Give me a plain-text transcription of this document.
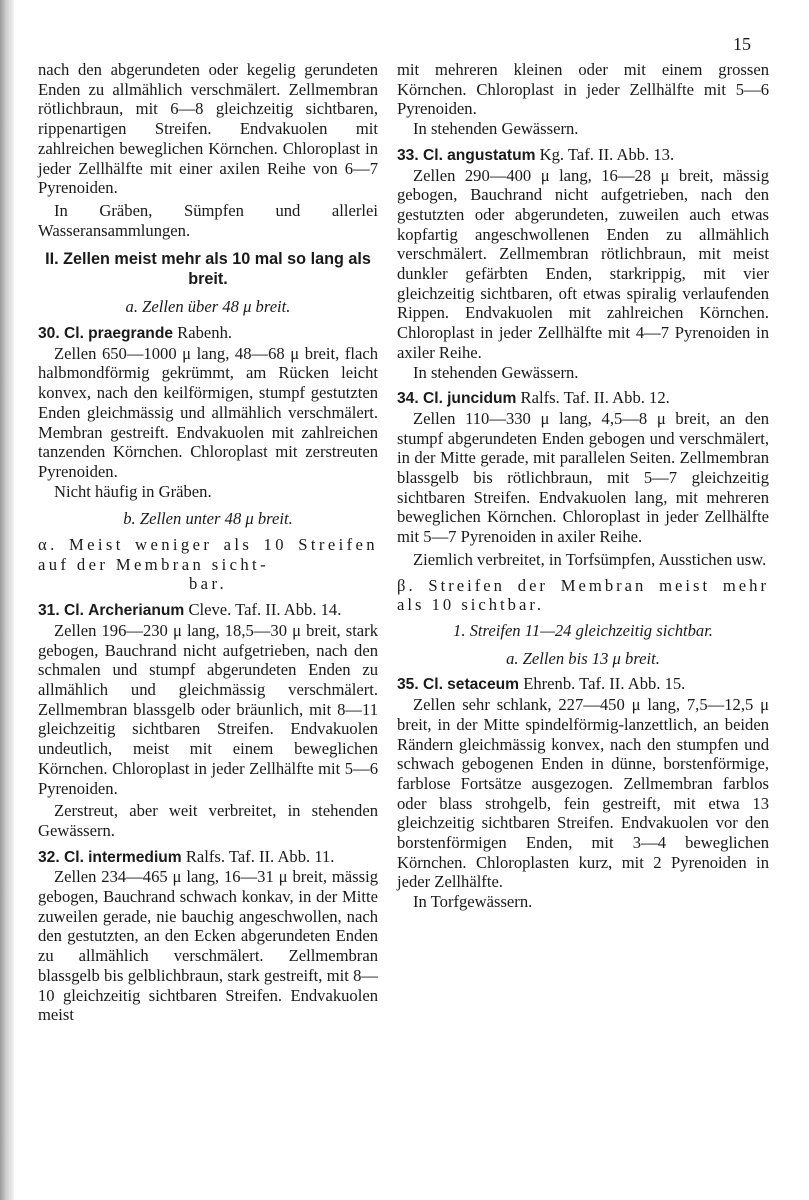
15

nach den abgerundeten oder kegelig gerundeten Enden zu allmählich verschmälert. Zellmembran rötlichbraun, mit 6—8 gleichzeitig sichtbaren, rippenartigen Streifen. Endvakuolen mit zahlreichen beweglichen Körnchen. Chloroplast in jeder Zellhälfte mit einer axilen Reihe von 6—7 Pyrenoiden.

In Gräben, Sümpfen und allerlei Wasseransammlungen.

II. Zellen meist mehr als 10 mal so lang als breit.

a. Zellen über 48 μ breit.

30. Cl. praegrande Rabenh.

Zellen 650—1000 μ lang, 48—68 μ breit, flach halbmondförmig gekrümmt, am Rücken leicht konvex, nach den keilförmigen, stumpf gestutzten Enden gleichmässig und allmählich verschmälert. Membran gestreift. Endvakuolen mit zahlreichen tanzenden Körnchen. Chloroplast mit zerstreuten Pyrenoiden.

Nicht häufig in Gräben.

b. Zellen unter 48 μ breit.

α. Meist weniger als 10 Streifen auf der Membran sicht-
bar.

31. Cl. Archerianum Cleve. Taf. II. Abb. 14.

Zellen 196—230 μ lang, 18,5—30 μ breit, stark gebogen, Bauchrand nicht aufgetrieben, nach den schmalen und stumpf abgerundeten Enden zu allmählich und gleichmässig verschmälert. Zellmembran blassgelb oder bräunlich, mit 8—11 gleichzeitig sichtbaren Streifen. Endvakuolen undeutlich, meist mit einem beweglichen Körnchen. Chloroplast in jeder Zellhälfte mit 5—6 Pyrenoiden.

Zerstreut, aber weit verbreitet, in stehenden Gewässern.

32. Cl. intermedium Ralfs. Taf. II. Abb. 11.

Zellen 234—465 μ lang, 16—31 μ breit, mässig gebogen, Bauchrand schwach konkav, in der Mitte zuweilen gerade, nie bauchig angeschwollen, nach den gestutzten, an den Ecken abgerundeten Enden zu allmählich verschmälert. Zellmembran blassgelb bis gelblichbraun, stark gestreift, mit 8—10 gleichzeitig sichtbaren Streifen. Endvakuolen meist

mit mehreren kleinen oder mit einem grossen Körnchen. Chloroplast in jeder Zellhälfte mit 5—6 Pyrenoiden.

In stehenden Gewässern.

33. Cl. angustatum Kg. Taf. II. Abb. 13.

Zellen 290—400 μ lang, 16—28 μ breit, mässig gebogen, Bauchrand nicht aufgetrieben, nach den gestutzten oder abgerundeten, zuweilen auch etwas kopfartig angeschwollenen Enden zu allmählich verschmälert. Zellmembran rötlichbraun, mit meist dunkler gefärbten Enden, starkrippig, mit vier gleichzeitig sichtbaren, oft etwas spiralig verlaufenden Rippen. Endvakuolen mit zahlreichen Körnchen. Chloroplast in jeder Zellhälfte mit 4—7 Pyrenoiden in axiler Reihe.

In stehenden Gewässern.

34. Cl. juncidum Ralfs. Taf. II. Abb. 12.

Zellen 110—330 μ lang, 4,5—8 μ breit, an den stumpf abgerundeten Enden gebogen und verschmälert, in der Mitte gerade, mit parallelen Seiten. Zellmembran blassgelb bis rötlichbraun, mit 5—7 gleichzeitig sichtbaren Streifen. Endvakuolen lang, mit mehreren beweglichen Körnchen. Chloroplast in jeder Zellhälfte mit 5—7 Pyrenoiden in axiler Reihe.

Ziemlich verbreitet, in Torfsümpfen, Ausstichen usw.

β. Streifen der Membran meist mehr als 10 sichtbar.

1. Streifen 11—24 gleichzeitig sichtbar.

a. Zellen bis 13 μ breit.

35. Cl. setaceum Ehrenb. Taf. II. Abb. 15.

Zellen sehr schlank, 227—450 μ lang, 7,5—12,5 μ breit, in der Mitte spindelförmig-lanzettlich, an beiden Rändern gleichmässig konvex, nach den stumpfen und schwach gebogenen Enden in dünne, borstenförmige, farblose Fortsätze ausgezogen. Zellmembran farblos oder blass strohgelb, fein gestreift, mit etwa 13 gleichzeitig sichtbaren Streifen. Endvakuolen vor den borstenförmigen Enden, mit 3—4 beweglichen Körnchen. Chloroplasten kurz, mit 2 Pyrenoiden in jeder Zellhälfte.

In Torfgewässern.
